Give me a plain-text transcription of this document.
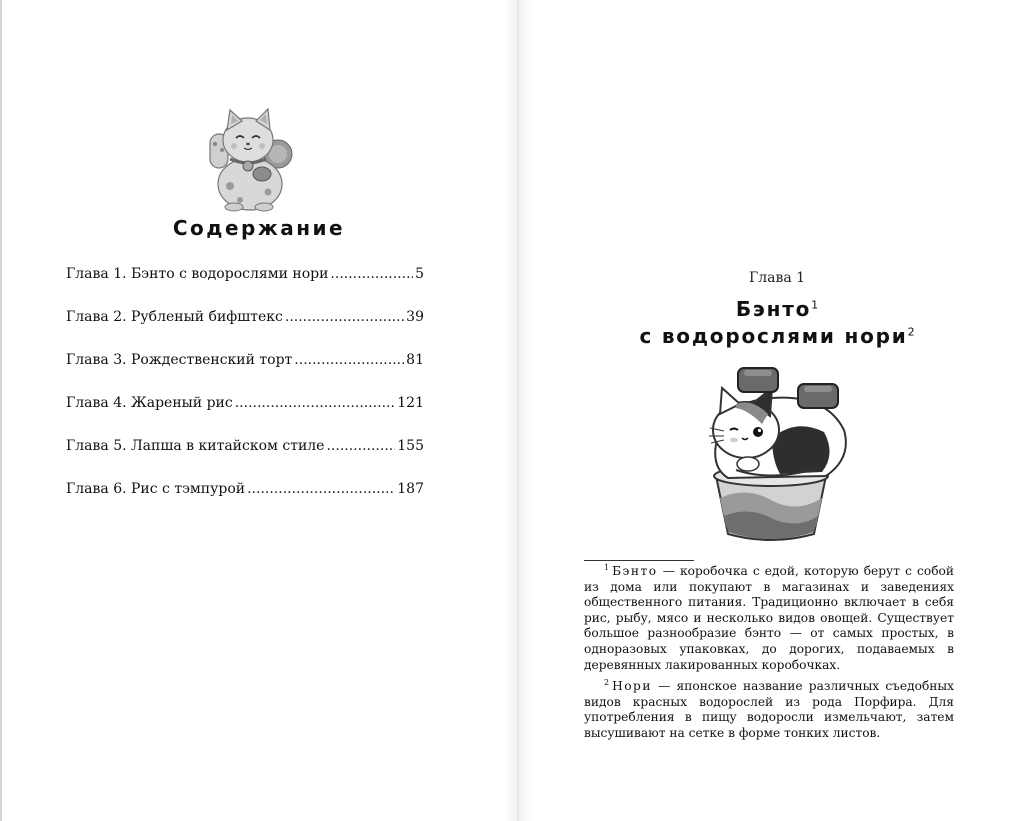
Содержание
Глава 1. Бэнто с водорослями нори .....	5
Глава 2. Рубленый бифштекс .....	39
Глава 3. Рождественский торт .....	81
Глава 4. Жареный рис .....	121
Глава 5. Лапша в китайском стиле .....	155
Глава 6. Рис с тэмпурой .....	187
Глава 1
Бэнто$^1$
с водорослями нори$^2$

$^1$ Бэнто — коробочка с едой, которую берут с собой из дома или покупают в магазинах и заведениях общественного питания. Традиционно включает в себя рис, рыбу, мясо и несколько видов овощей. Существует большое разнообразие бэнто — от самых простых, в одноразовых упаковках, до дорогих, подаваемых в деревянных лакированных коробочках.

$^2$ Нори — японское название различных съедобных видов красных водорослей из рода Порфира. Для употребления в пищу водоросли измельчают, затем высушивают на сетке в форме тонких листов.
